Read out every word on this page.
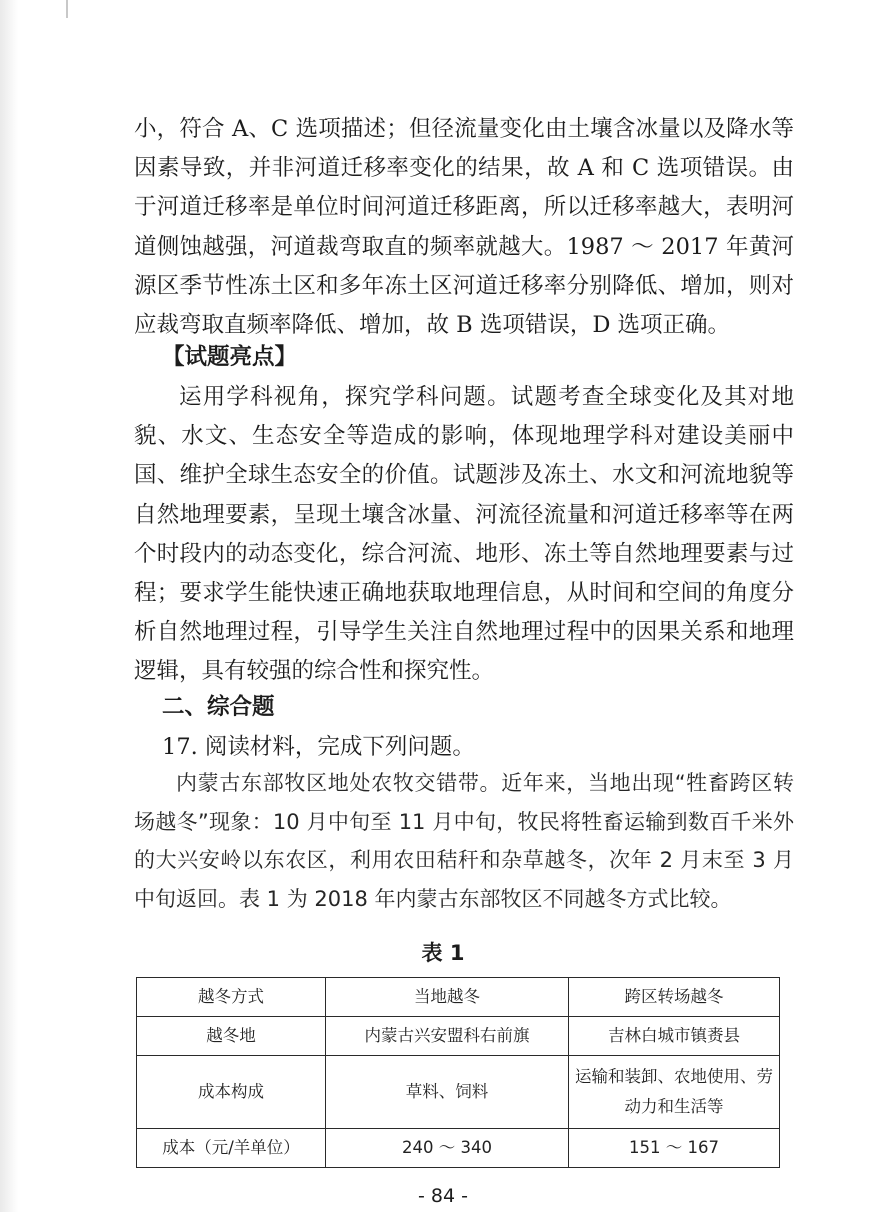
小，符合 A、C 选项描述；但径流量变化由土壤含冰量以及降水等因素导致，并非河道迁移率变化的结果，故 A 和 C 选项错误。由于河道迁移率是单位时间河道迁移距离，所以迁移率越大，表明河道侧蚀越强，河道裁弯取直的频率就越大。1987 ～ 2017 年黄河源区季节性冻土区和多年冻土区河道迁移率分别降低、增加，则对应裁弯取直频率降低、增加，故 B 选项错误，D 选项正确。

【试题亮点】

运用学科视角，探究学科问题。试题考查全球变化及其对地貌、水文、生态安全等造成的影响，体现地理学科对建设美丽中国、维护全球生态安全的价值。试题涉及冻土、水文和河流地貌等自然地理要素，呈现土壤含冰量、河流径流量和河道迁移率等在两个时段内的动态变化，综合河流、地形、冻土等自然地理要素与过程；要求学生能快速正确地获取地理信息，从时间和空间的角度分析自然地理过程，引导学生关注自然地理过程中的因果关系和地理逻辑，具有较强的综合性和探究性。

二、综合题

17. 阅读材料，完成下列问题。

内蒙古东部牧区地处农牧交错带。近年来，当地出现“牲畜跨区转场越冬”现象：10 月中旬至 11 月中旬，牧民将牲畜运输到数百千米外的大兴安岭以东农区，利用农田秸秆和杂草越冬，次年 2 月末至 3 月中旬返回。表 1 为 2018 年内蒙古东部牧区不同越冬方式比较。

表 1

越冬方式	当地越冬	跨区转场越冬
越冬地	内蒙古兴安盟科右前旗	吉林白城市镇赉县
成本构成	草料、饲料	运输和装卸、农地使用、劳动力和生活等
成本（元/羊单位）	240 ～ 340	151 ～ 167

- 84 -
